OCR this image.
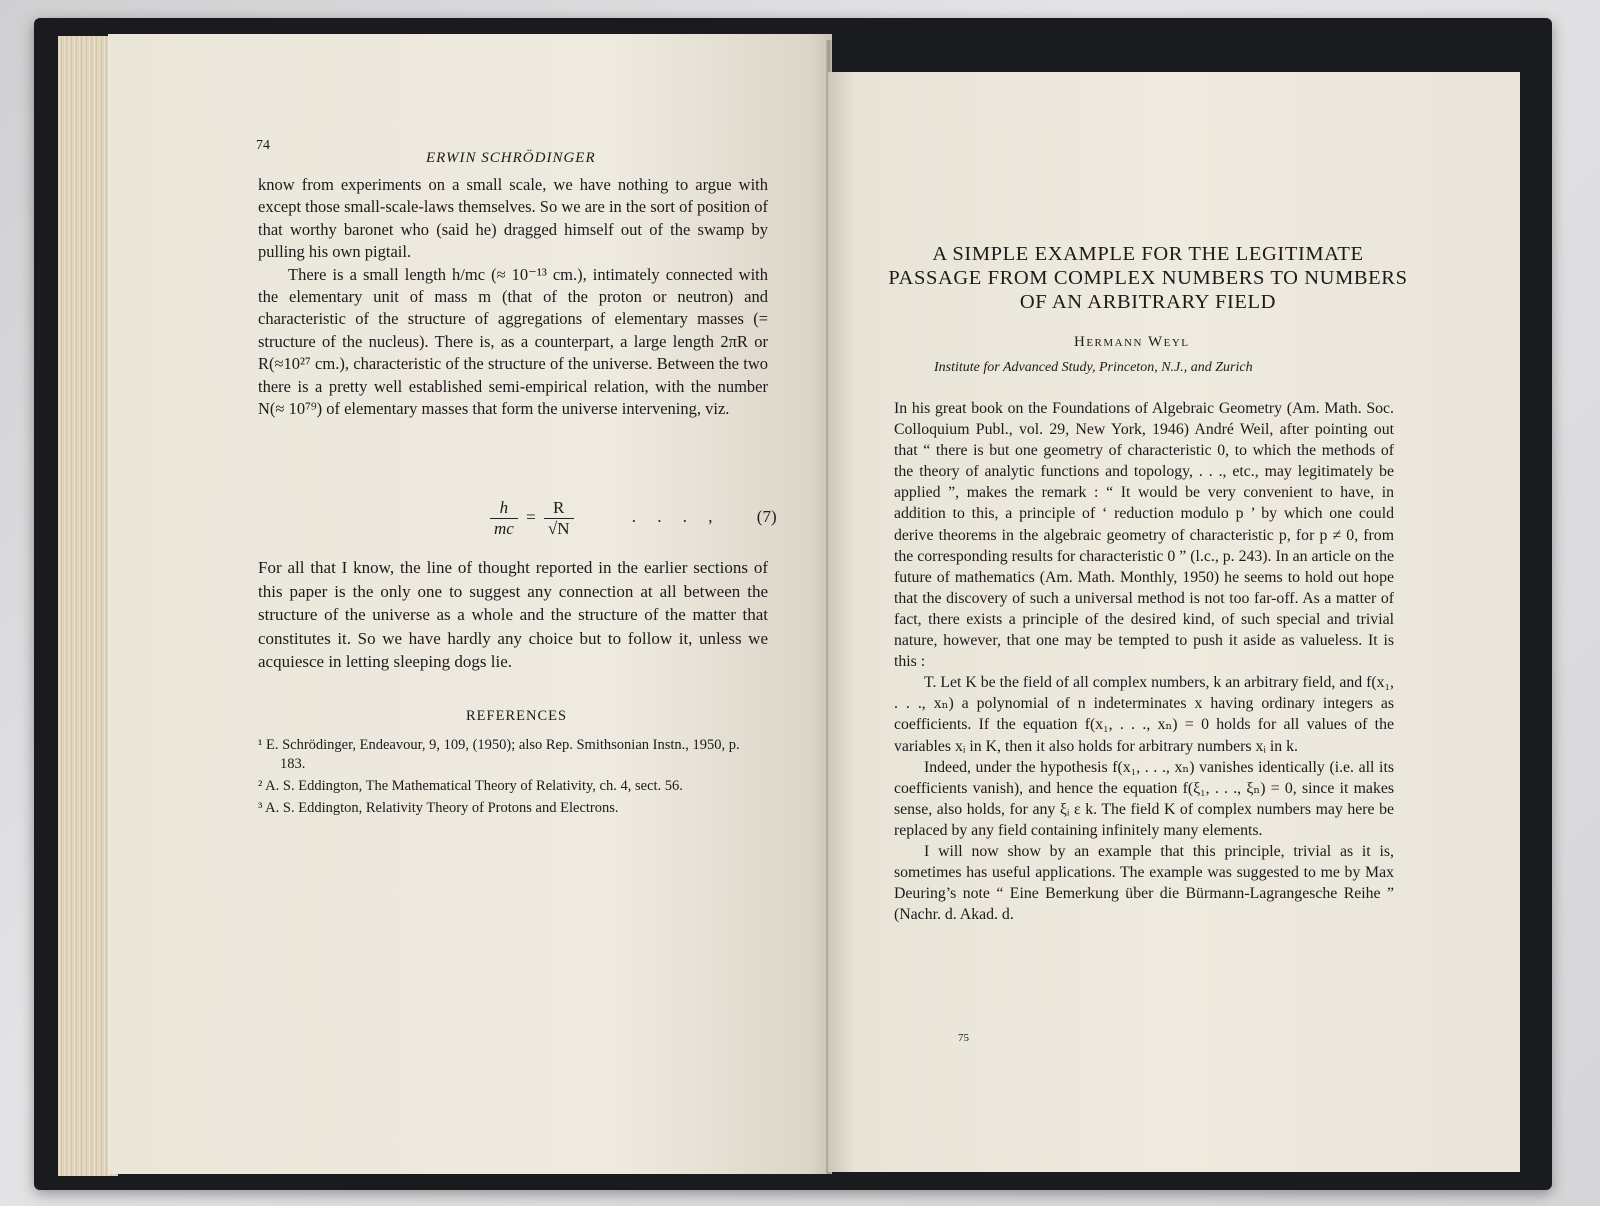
74
ERWIN SCHRÖDINGER

know from experiments on a small scale, we have nothing to argue with except those small-scale-laws themselves. So we are in the sort of position of that worthy baronet who (said he) dragged himself out of the swamp by pulling his own pigtail.

There is a small length h/mc (≈ 10⁻¹³ cm.), intimately connected with the elementary unit of mass m (that of the proton or neutron) and characteristic of the structure of aggregations of elementary masses (= structure of the nucleus). There is, as a counterpart, a large length 2πR or R(≈10²⁷ cm.), characteristic of the structure of the universe. Between the two there is a pretty well established semi-empirical relation, with the number N(≈ 10⁷⁹) of elementary masses that form the universe intervening, viz.

$\frac{h}{mc} = \frac{R}{√N}$	.     .     .     ,	(7)

For all that I know, the line of thought reported in the earlier sections of this paper is the only one to suggest any connection at all between the structure of the universe as a whole and the structure of the matter that constitutes it. So we have hardly any choice but to follow it, unless we acquiesce in letting sleeping dogs lie.

REFERENCES
¹ E. Schrödinger, Endeavour, 9, 109, (1950); also Rep. Smithsonian Instn., 1950, p. 183.
² A. S. Eddington, The Mathematical Theory of Relativity, ch. 4, sect. 56.
³ A. S. Eddington, Relativity Theory of Protons and Electrons.
A SIMPLE EXAMPLE FOR THE LEGITIMATE PASSAGE FROM COMPLEX NUMBERS TO NUMBERS OF AN ARBITRARY FIELD
Hermann Weyl
Institute for Advanced Study, Princeton, N.J., and Zurich

In his great book on the Foundations of Algebraic Geometry (Am. Math. Soc. Colloquium Publ., vol. 29, New York, 1946) André Weil, after pointing out that “ there is but one geometry of characteristic 0, to which the methods of the theory of analytic functions and topology, . . ., etc., may legitimately be applied ”, makes the remark : “ It would be very convenient to have, in addition to this, a principle of ‘ reduction modulo p ’ by which one could derive theorems in the algebraic geometry of characteristic p, for p ≠ 0, from the corresponding results for characteristic 0 ” (l.c., p. 243). In an article on the future of mathematics (Am. Math. Monthly, 1950) he seems to hold out hope that the discovery of such a universal method is not too far-off. As a matter of fact, there exists a principle of the desired kind, of such special and trivial nature, however, that one may be tempted to push it aside as valueless. It is this :

T. Let K be the field of all complex numbers, k an arbitrary field, and f(x₁, . . ., xₙ) a polynomial of n indeterminates x having ordinary integers as coefficients. If the equation f(x₁, . . ., xₙ) = 0 holds for all values of the variables xᵢ in K, then it also holds for arbitrary numbers xᵢ in k.

Indeed, under the hypothesis f(x₁, . . ., xₙ) vanishes identically (i.e. all its coefficients vanish), and hence the equation f(ξ₁, . . ., ξₙ) = 0, since it makes sense, also holds, for any ξᵢ ε k. The field K of complex numbers may here be replaced by any field containing infinitely many elements.

I will now show by an example that this principle, trivial as it is, sometimes has useful applications. The example was suggested to me by Max Deuring’s note “ Eine Bemerkung über die Bürmann-Lagrangesche Reihe ” (Nachr. d. Akad. d.

75
